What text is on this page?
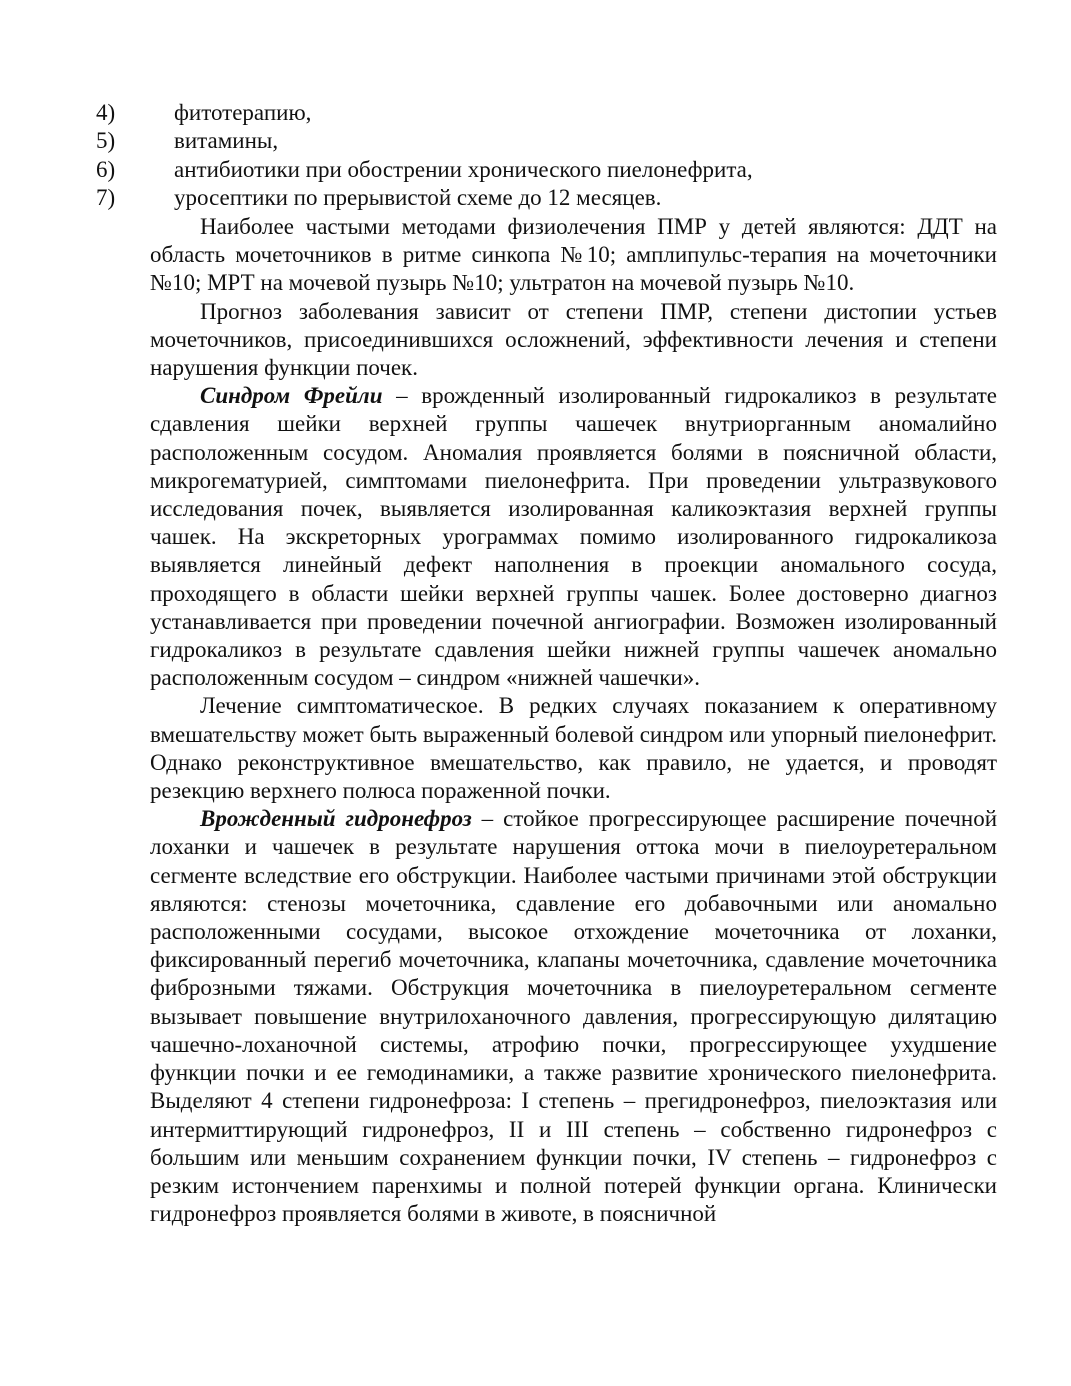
4)	фитотерапию,
5)	витамины,
6)	антибиотики при обострении хронического пиелонефрита,
7)	уросептики по прерывистой схеме до 12 месяцев.

Наиболее частыми методами физиолечения ПМР у детей являются: ДДТ на область мочеточников в ритме синкопа №10; амплипульс-терапия на мочеточники №10; МРТ на мочевой пузырь №10; ультратон на мочевой пузырь №10.

Прогноз заболевания зависит от степени ПМР, степени дистопии устьев мочеточников, присоединившихся осложнений, эффективности лечения и степени нарушения функции почек.

Синдром Фрейли – врожденный изолированный гидрокаликоз в результате сдавления шейки верхней группы чашечек внутриорганным аномалийно расположенным сосудом. Аномалия проявляется болями в поясничной области, микрогематурией, симптомами пиелонефрита. При проведении ультразвукового исследования почек, выявляется изолированная каликоэктазия верхней группы чашек. На экскреторных урограммах помимо изолированного гидрокаликоза выявляется линейный дефект наполнения в проекции аномального сосуда, проходящего в области шейки верхней группы чашек. Более достоверно диагноз устанавливается при проведении почечной ангиографии. Возможен изолированный гидрокаликоз в результате сдавления шейки нижней группы чашечек аномально расположенным сосудом – синдром «нижней чашечки».

Лечение симптоматическое. В редких случаях показанием к оперативному вмешательству может быть выраженный болевой синдром или упорный пиелонефрит. Однако реконструктивное вмешательство, как правило, не удается, и проводят резекцию верхнего полюса пораженной почки.

Врожденный гидронефроз – стойкое прогрессирующее расширение почечной лоханки и чашечек в результате нарушения оттока мочи в пиелоуретеральном сегменте вследствие его обструкции. Наиболее частыми причинами этой обструкции являются: стенозы мочеточника, сдавление его добавочными или аномально расположенными сосудами, высокое отхождение мочеточника от лоханки, фиксированный перегиб мочеточника, клапаны мочеточника, сдавление мочеточника фиброзными тяжами. Обструкция мочеточника в пиелоуретеральном сегменте вызывает повышение внутрилоханочного давления, прогрессирующую дилятацию чашечно-лоханочной системы, атрофию почки, прогрессирующее ухудшение функции почки и ее гемодинамики, а также развитие хронического пиелонефрита. Выделяют 4 степени гидронефроза: I степень – прегидронефроз, пиелоэктазия или интермиттирующий гидронефроз, II и III степень – собственно гидронефроз с большим или меньшим сохранением функции почки, IV степень – гидронефроз с резким истончением паренхимы и полной потерей функции органа. Клинически гидронефроз проявляется болями в животе, в поясничной
